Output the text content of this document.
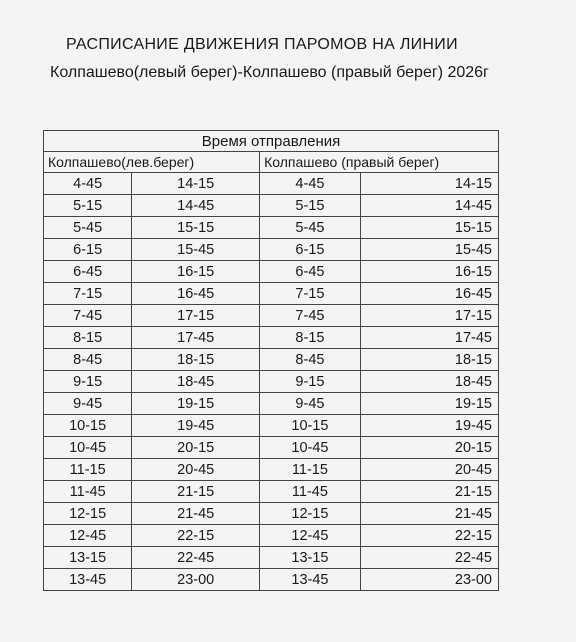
РАСПИСАНИЕ ДВИЖЕНИЯ ПАРОМОВ НА ЛИНИИ
Колпашево(левый берег)-Колпашево (правый берег) 2026г
Время отправления			
Колпашево(лев.берег)		Колпашево (правый берег)	
4-45	14-15	4-45	14-15
5-15	14-45	5-15	14-45
5-45	15-15	5-45	15-15
6-15	15-45	6-15	15-45
6-45	16-15	6-45	16-15
7-15	16-45	7-15	16-45
7-45	17-15	7-45	17-15
8-15	17-45	8-15	17-45
8-45	18-15	8-45	18-15
9-15	18-45	9-15	18-45
9-45	19-15	9-45	19-15
10-15	19-45	10-15	19-45
10-45	20-15	10-45	20-15
11-15	20-45	11-15	20-45
11-45	21-15	11-45	21-15
12-15	21-45	12-15	21-45
12-45	22-15	12-45	22-15
13-15	22-45	13-15	22-45
13-45	23-00	13-45	23-00
